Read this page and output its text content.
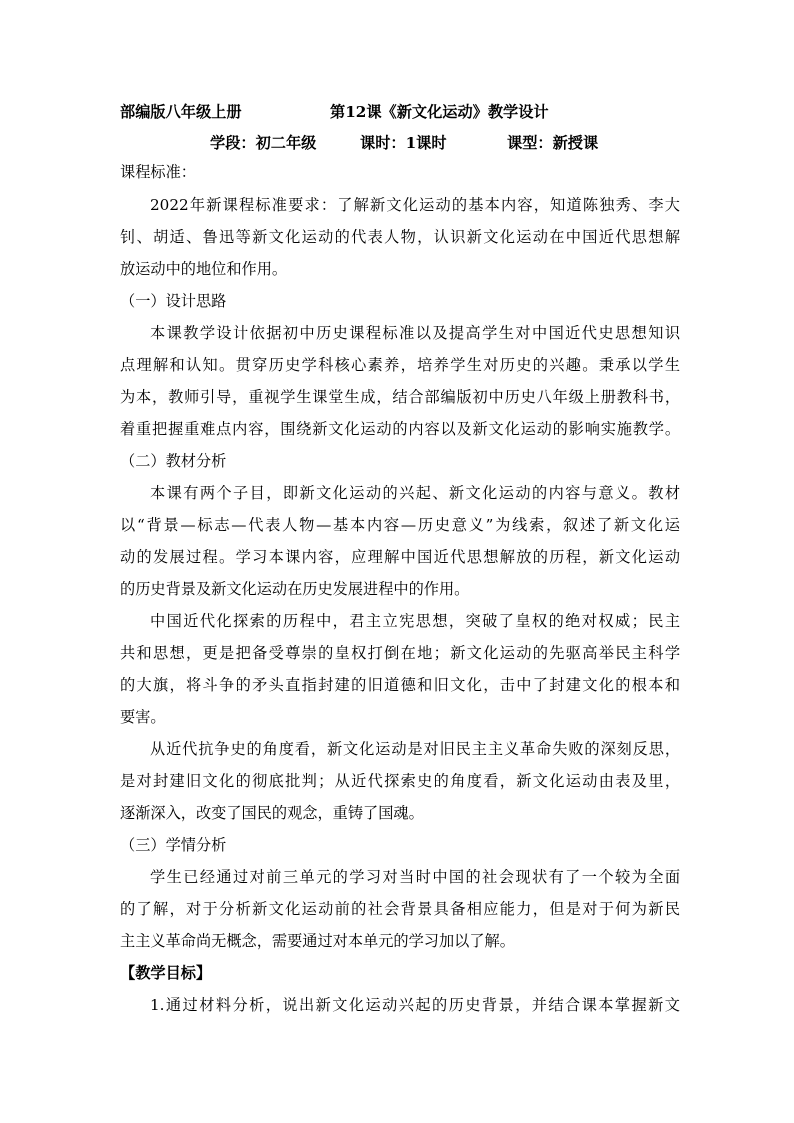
部编版八年级上册	第12课《新文化运动》教学设计
学段：初二年级	课时：1课时	课型：新授课
课程标准：
2022年新课程标准要求：了解新文化运动的基本内容，知道陈独秀、李大
钊、胡适、鲁迅等新文化运动的代表人物，认识新文化运动在中国近代思想解
放运动中的地位和作用。
（一）设计思路
本课教学设计依据初中历史课程标准以及提高学生对中国近代史思想知识
点理解和认知。贯穿历史学科核心素养，培养学生对历史的兴趣。秉承以学生
为本，教师引导，重视学生课堂生成，结合部编版初中历史八年级上册教科书，
着重把握重难点内容，围绕新文化运动的内容以及新文化运动的影响实施教学。
（二）教材分析
本课有两个子目，即新文化运动的兴起、新文化运动的内容与意义。教材
以“背景—标志—代表人物—基本内容—历史意义”为线索，叙述了新文化运
动的发展过程。学习本课内容，应理解中国近代思想解放的历程，新文化运动
的历史背景及新文化运动在历史发展进程中的作用。
中国近代化探索的历程中，君主立宪思想，突破了皇权的绝对权威；民主
共和思想，更是把备受尊崇的皇权打倒在地；新文化运动的先驱高举民主科学
的大旗，将斗争的矛头直指封建的旧道德和旧文化，击中了封建文化的根本和
要害。
从近代抗争史的角度看，新文化运动是对旧民主主义革命失败的深刻反思，
是对封建旧文化的彻底批判；从近代探索史的角度看，新文化运动由表及里，
逐渐深入，改变了国民的观念，重铸了国魂。
（三）学情分析
学生已经通过对前三单元的学习对当时中国的社会现状有了一个较为全面
的了解，对于分析新文化运动前的社会背景具备相应能力，但是对于何为新民
主主义革命尚无概念，需要通过对本单元的学习加以了解。
【教学目标】
1.通过材料分析，说出新文化运动兴起的历史背景，并结合课本掌握新文
